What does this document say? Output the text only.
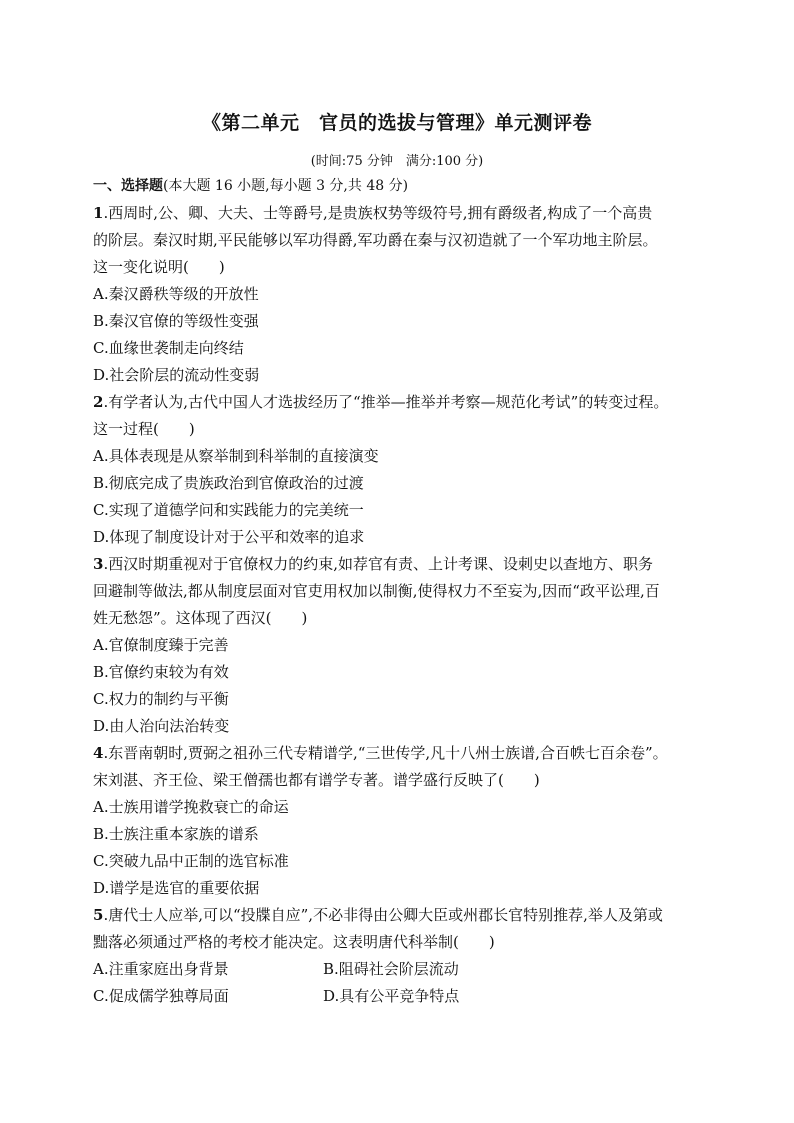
《第二单元　官员的选拔与管理》单元测评卷
(时间:75 分钟　满分:100 分)
一、选择题(本大题 16 小题,每小题 3 分,共 48 分)
1.西周时,公、卿、大夫、士等爵号,是贵族权势等级符号,拥有爵级者,构成了一个高贵
的阶层。秦汉时期,平民能够以军功得爵,军功爵在秦与汉初造就了一个军功地主阶层。
这一变化说明(　　)
A.秦汉爵秩等级的开放性
B.秦汉官僚的等级性变强
C.血缘世袭制走向终结
D.社会阶层的流动性变弱
2.有学者认为,古代中国人才选拔经历了“推举—推举并考察—规范化考试”的转变过程。
这一过程(　　)
A.具体表现是从察举制到科举制的直接演变
B.彻底完成了贵族政治到官僚政治的过渡
C.实现了道德学问和实践能力的完美统一
D.体现了制度设计对于公平和效率的追求
3.西汉时期重视对于官僚权力的约束,如荐官有责、上计考课、设刺史以查地方、职务
回避制等做法,都从制度层面对官吏用权加以制衡,使得权力不至妄为,因而“政平讼理,百
姓无愁怨”。这体现了西汉(　　)
A.官僚制度臻于完善
B.官僚约束较为有效
C.权力的制约与平衡
D.由人治向法治转变
4.东晋南朝时,贾弼之祖孙三代专精谱学,“三世传学,凡十八州士族谱,合百帙七百余卷”。
宋刘湛、齐王俭、梁王僧孺也都有谱学专著。谱学盛行反映了(　　)
A.士族用谱学挽救衰亡的命运
B.士族注重本家族的谱系
C.突破九品中正制的选官标准
D.谱学是选官的重要依据
5.唐代士人应举,可以“投牒自应”,不必非得由公卿大臣或州郡长官特别推荐,举人及第或
黜落必须通过严格的考校才能决定。这表明唐代科举制(　　)
A.注重家庭出身背景	B.阻碍社会阶层流动
C.促成儒学独尊局面	D.具有公平竞争特点
